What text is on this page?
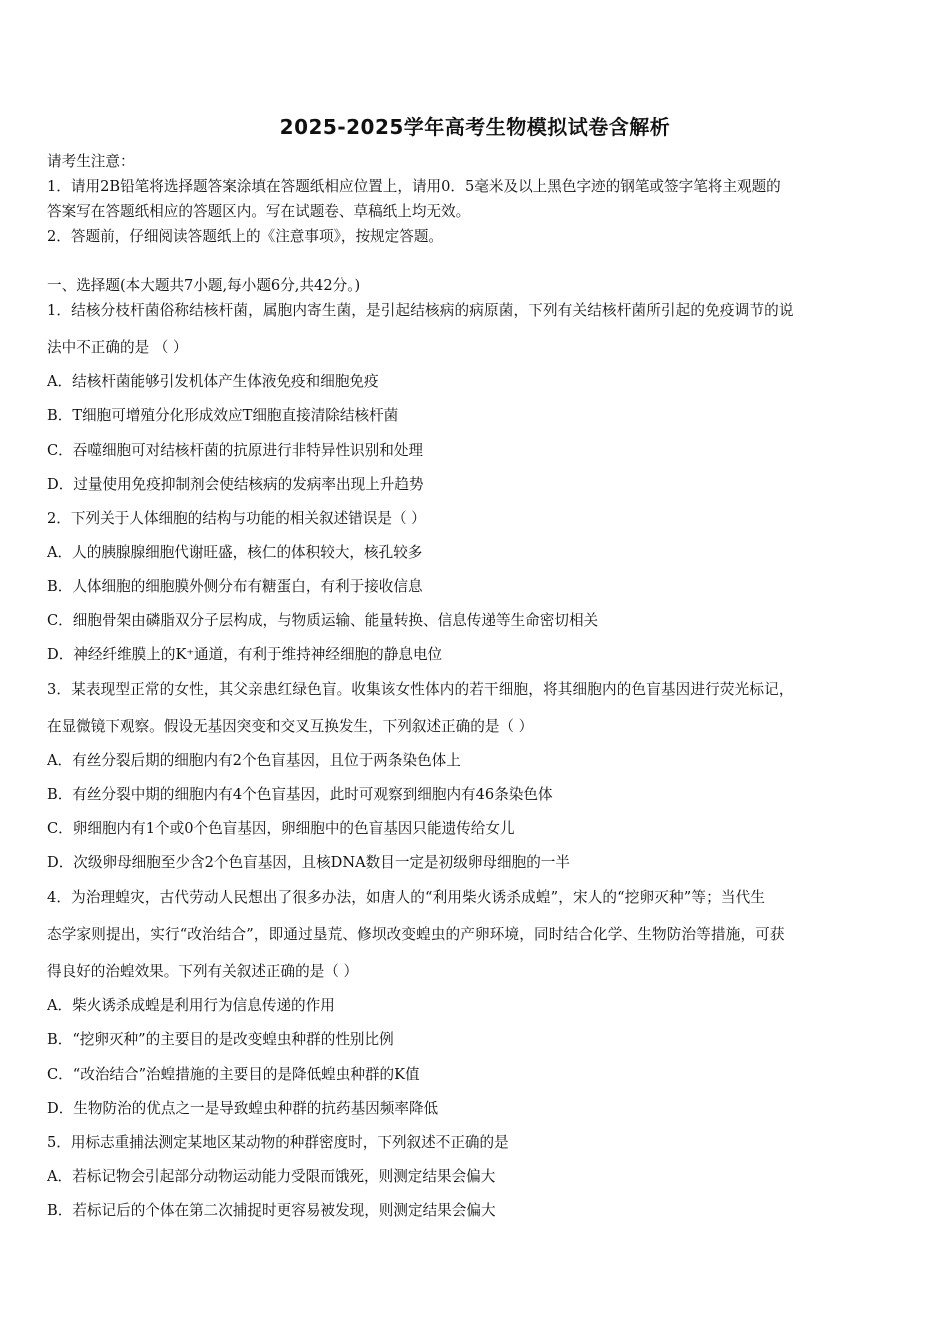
2025-2025学年高考生物模拟试卷含解析
请考生注意：
1．请用2B铅笔将选择题答案涂填在答题纸相应位置上，请用0．5毫米及以上黑色字迹的钢笔或签字笔将主观题的
答案写在答题纸相应的答题区内。写在试题卷、草稿纸上均无效。
2．答题前，仔细阅读答题纸上的《注意事项》，按规定答题。
一、选择题(本大题共7小题,每小题6分,共42分。)
1．结核分枝杆菌俗称结核杆菌，属胞内寄生菌，是引起结核病的病原菌，下列有关结核杆菌所引起的免疫调节的说
法中不正确的是 （ ）
A．结核杆菌能够引发机体产生体液免疫和细胞免疫
B．T细胞可增殖分化形成效应T细胞直接清除结核杆菌
C．吞噬细胞可对结核杆菌的抗原进行非特异性识别和处理
D．过量使用免疫抑制剂会使结核病的发病率出现上升趋势
2．下列关于人体细胞的结构与功能的相关叙述错误是（ ）
A．人的胰腺腺细胞代谢旺盛，核仁的体积较大，核孔较多
B．人体细胞的细胞膜外侧分布有糖蛋白，有利于接收信息
C．细胞骨架由磷脂双分子层构成，与物质运输、能量转换、信息传递等生命密切相关
D．神经纤维膜上的K⁺通道，有利于维持神经细胞的静息电位
3．某表现型正常的女性，其父亲患红绿色盲。收集该女性体内的若干细胞，将其细胞内的色盲基因进行荧光标记，
在显微镜下观察。假设无基因突变和交叉互换发生，下列叙述正确的是（ ）
A．有丝分裂后期的细胞内有2个色盲基因，且位于两条染色体上
B．有丝分裂中期的细胞内有4个色盲基因，此时可观察到细胞内有46条染色体
C．卵细胞内有1个或0个色盲基因，卵细胞中的色盲基因只能遗传给女儿
D．次级卵母细胞至少含2个色盲基因，且核DNA数目一定是初级卵母细胞的一半
4．为治理蝗灾，古代劳动人民想出了很多办法，如唐人的“利用柴火诱杀成蝗”，宋人的“挖卵灭种”等；当代生
态学家则提出，实行“改治结合”，即通过垦荒、修坝改变蝗虫的产卵环境，同时结合化学、生物防治等措施，可获
得良好的治蝗效果。下列有关叙述正确的是（ ）
A．柴火诱杀成蝗是利用行为信息传递的作用
B．“挖卵灭种”的主要目的是改变蝗虫种群的性别比例
C．“改治结合”治蝗措施的主要目的是降低蝗虫种群的K值
D．生物防治的优点之一是导致蝗虫种群的抗药基因频率降低
5．用标志重捕法测定某地区某动物的种群密度时，下列叙述不正确的是
A．若标记物会引起部分动物运动能力受限而饿死，则测定结果会偏大
B．若标记后的个体在第二次捕捉时更容易被发现，则测定结果会偏大
